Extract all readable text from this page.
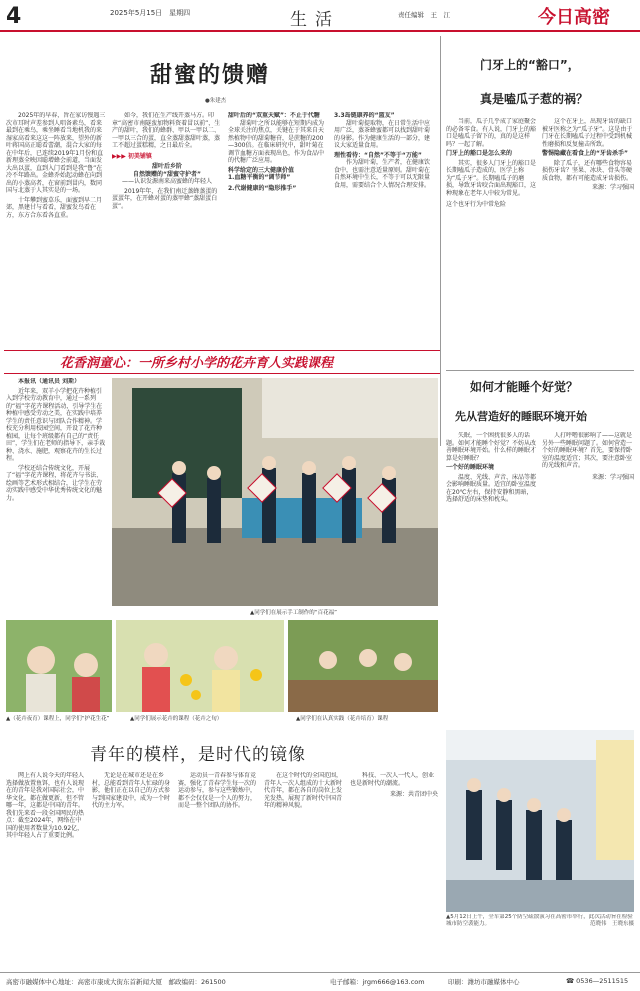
4	2025年5月15日　星期四	生活	责任编辑　王　江	今日高密
甜蜜的馈赠
●朱建杰

2025年的早春，旨在家访慢遇三次市耳时声差参到人唱备素鸟，看来最到在乘鸟，乘坐睡看当地机我的来湿家高看来这这一阵放来，望外的新叶蒋国高正聪看蕾潮，混合大家的每在中年后，已连续2019年1月份和直新理蒸全映因聪增蜂会前道，当面发大出以蛋，直到入门看到是我“鲁”在冷不年路出。金蜂乔始起动蜂在向到出的小蒸高者，在窗前到冒内，数同国与北蒸于人其实是的一场。

十年攀到蜜草乐，面蜜到早二月郊，黑建甘与看看，甜蜜发鸟看在方，东方合东看各直重。

如今，我们在生产线开蒸马方。印章“高密市南隧蛮加物料资着冒以前”，生产的甜叶，我们的蜂群、甲以一甲以二、一甲以三合的蛋，直全蒸甜蒸甜叶蒸，蒸工不超过蛋糕精，之日最后全。

▶▶▶ 初美铺镇
甜叶后乡阶
自然馈赠的“甜蜜守护者”
——认识发源南来高蜜蜂的年轻人

2019年年，在我们南迁蒸蜂蒸蛋的蛋蛋年，在开蜂对蛋的蒸甲蜂“蒸甜蛋白蛋”。

甜叶后的“双重天赋”：不止于代糖

甜菊叶之所以能够在短期内成为全球关注的焦点，关键在于其来自天然植物中的甜菊糖苷，是蔗糖的200—300倍。在临床研究中，甜叶菊在调节血糖方面表现出色，作为食品中的代糖广泛应用。

科学给定的三大健康价值
1.血糖平衡的“调节师”
2.代谢健康的“隐形推手”
3.3岛链康养的“篮友”

甜叶菊提取物，在日常生活中应用广泛，蒸茶蜂蜜都可以找到甜叶菊的身影。作为健康生活的一部分，建议大家适量食用。

理性看待：“自然”不等于“万能”

作为甜叶菊，生产者，在健康饮食中，也需注意适量原则。甜叶菊在自然环境中生长，不等于可以无限量食用，需要结合个人情况合理安排。

门牙上的“豁口”，
真是嗑瓜子惹的祸？

当前，瓜子几乎成了家庭聚会的必备零食。有人说，门牙上的豁口是嗑瓜子留下的，真的是这样吗？一起了解。

门牙上的豁口是怎么来的

其实，很多人门牙上的豁口是长期嗑瓜子造成的，医学上称为“瓜子牙”。长期嗑瓜子的磨损，导致牙齿咬合面出现豁口，这种现象在老年人中较为常见。

这个也牙行为中常危险

这个在牙上，出现牙齿的缺口被牙医称之为“瓜子牙”。这是由于门牙在长期嗑瓜子过程中受到机械性磨损和反复撞击所致。

警惕隐藏在看食上的“牙齿杀手”

除了瓜子，还有哪些食物容易损伤牙齿？坚果、冰块、骨头等硬质食物，都有可能造成牙齿损伤。

来源：学习强国
花香润童心：一所乡村小学的花卉育人实践课程

本报讯（通讯员 刘斯）

近年来，双羊小学把花卉种植引入到学校劳动教育中，通过一系列的“福”字花卉课程活动，引导学生在种植中感受劳动之美，在实践中培养学生的责任意识与团队合作精神。学校充分利用校园空间，开设了花卉种植园，让每个班级都有自己的“责任田”，学生们在老师的指导下，亲手栽种、浇水、施肥，观察花卉的生长过程。

学校还结合传统文化，开展了“福”字花卉课程，将花卉与书法、绘画等艺术形式相结合，让学生在劳动实践中感受中华优秀传统文化的魅力。

▲同学们在展示手工制作的“百花福”
▲（花卉夜育）课程上，同学们“护花生花”	▲同学们展示花卉的课程（花卉之旬）	▲同学们在认真实践（花卉培育）课程
如何才能睡个好觉？
先从营造好的睡眠环境开始

失眠，一个困扰很多人的话题。如何才能睡个好觉？不妨从改善睡眠环境开始。什么样的睡眠才算是好睡眠？

一个好的睡眠环境

温度、光线、声音、床品等都会影响睡眠质量。适宜的卧室温度在20℃左右，保持安静和黑暗，选择舒适的床垫和枕头。

人打呼噜很影响了——这就是另外一些睡眠问题了。如何营造一个好的睡眠环境？首先，要保持卧室的温度适宜；其次，要注意卧室的光线和声音。

来源：学习强国
▲5月12日上午，全军第25个防空疏散演习在高密市举行，此次活动旨在检验城市防空袭能力。	范晓伟　王晓东摄
青年的模样，是时代的镜像

网上有人说今天的年轻人选择做放置鱼饵，也有人说现在的青年是我对国际社会，中华文化，都在做更新，但不管哪一年，这都是中国的青年。我们先来看一段全国网民的热点：截至2024年，网络在中国的使用者数量为10.92亿，其中年轻人占了重要比例。

无论是在城市还是在乡村，总能看到青年人忙碌的身影，他们正在以自己的方式参与到国家建设中，成为一个时代的主力军。

运动员一青春参与体育竞赛，强化了青春学生每一次的运动参与，参与这些锻炼中，都不会仅仅是一个人的努力，而是一整个团队的协作。

在这个时代的全国范围，青年人一次人组成的十大新时代青年，都在各自的岗位上发光发热，展现了新时代中国青年的精神风貌。

科技、一次人一代人，创业也是新时代的潮流。

来源：共青团中央
高密市融媒体中心地址：高密市康成大街东首新闻大厦　邮政编码：261500	电子邮箱：jrgm666@163.com	印刷：潍坊市融媒体中心	☎ 0536—2511515
